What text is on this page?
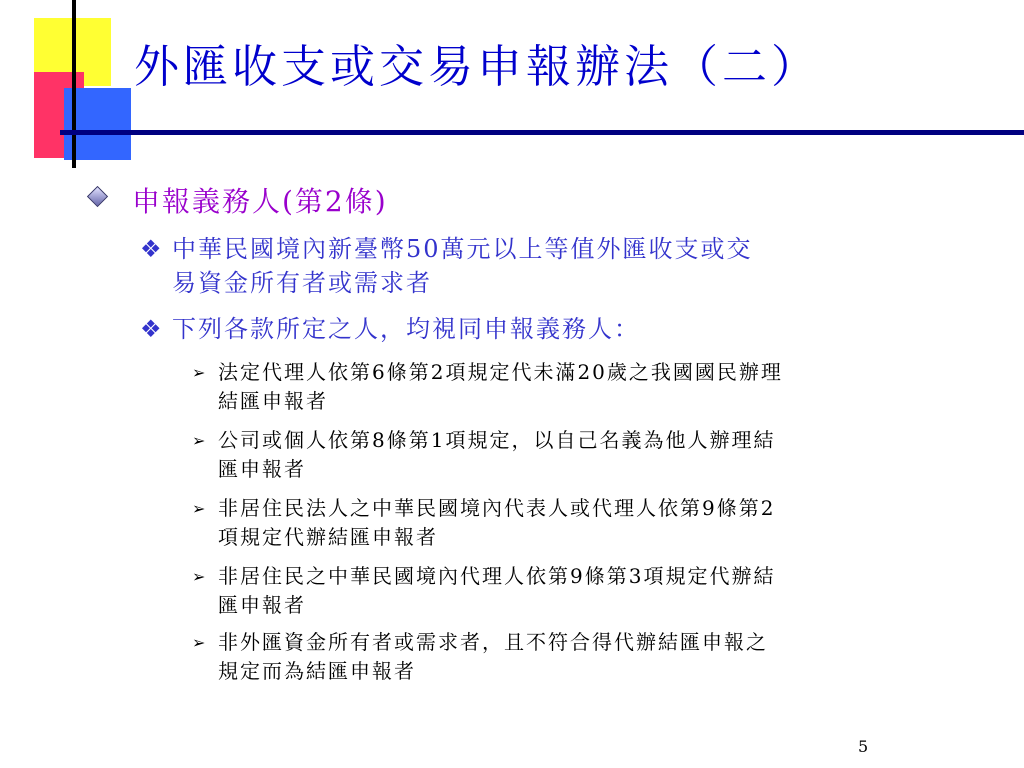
外匯收支或交易申報辦法（二）
申報義務人(第2條)
❖ 中華民國境內新臺幣50萬元以上等值外匯收支或交
易資金所有者或需求者
❖ 下列各款所定之人，均視同申報義務人：
➢ 法定代理人依第6條第2項規定代未滿20歲之我國國民辦理
結匯申報者
➢ 公司或個人依第8條第1項規定，以自己名義為他人辦理結
匯申報者
➢ 非居住民法人之中華民國境內代表人或代理人依第9條第2
項規定代辦結匯申報者
➢ 非居住民之中華民國境內代理人依第9條第3項規定代辦結
匯申報者
➢ 非外匯資金所有者或需求者，且不符合得代辦結匯申報之
規定而為結匯申報者
5
